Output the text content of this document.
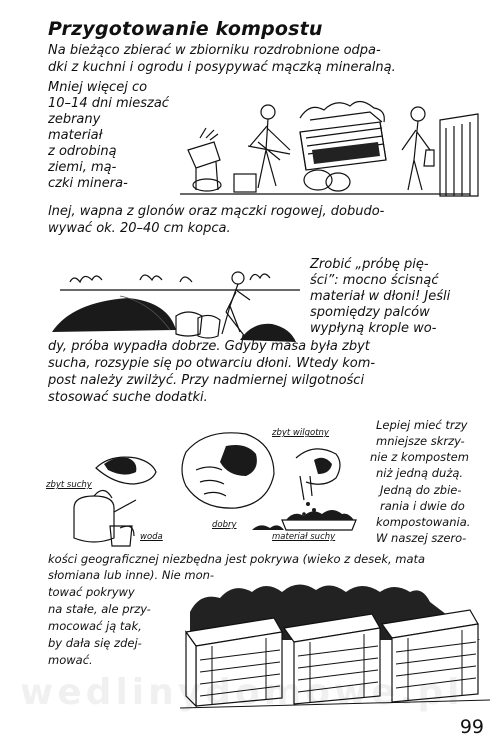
Przygotowanie kompostu
Na bieżąco zbierać w zbiorniku rozdrobnione odpa-
dki z kuchni i ogrodu i posypywać mączką mineralną.
Mniej więcej co
10–14 dni mieszać
zebrany
materiał
z odrobiną
ziemi, mą-
czki minera-
lnej, wapna z glonów oraz mączki rogowej, dobudo-
wywać ok. 20–40 cm kopca.
Zrobić „próbę pię-
ści”: mocno ścisnąć
materiał w dłoni! Jeśli
spomiędzy palców
wypłyną krople wo-
dy, próba wypadła dobrze. Gdyby masa była zbyt
sucha, rozsypie się po otwarciu dłoni. Wtedy kom-
post należy zwilżyć. Przy nadmiernej wilgotności
stosować suche dodatki.
Lepiej mieć trzy
mniejsze skrzy-
nie z kompostem
niż jedną dużą.
Jedną do zbie-
rania i dwie do
kompostowania.
W naszej szero-
zbyt wilgotny
zbyt suchy
woda
dobry
materiał suchy
kości geograficznej niezbędna jest pokrywa (wieko z desek, mata
słomiana lub inne). Nie mon-
tować pokrywy
na stałe, ale przy-
mocować ją tak,
by dała się zdej-
mować.
wedlinydomowe.pl
99
